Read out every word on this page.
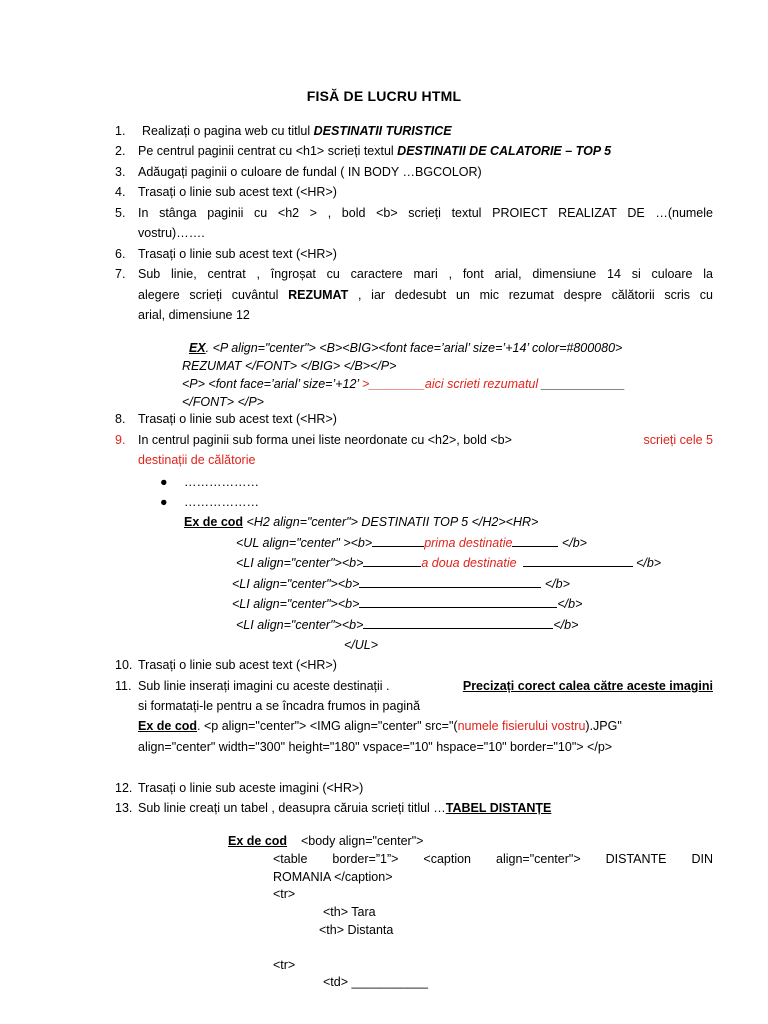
FISĂ DE LUCRU HTML
1.	Realizați o pagina web cu titlul DESTINATII TURISTICE
2.	Pe centrul paginii centrat cu <h1> scrieți textul DESTINATII DE CALATORIE – TOP 5
3.	Adăugați paginii o culoare de fundal ( IN BODY …BGCOLOR)
4.	Trasați o linie sub acest text (<HR>)
5.	In stânga paginii cu <h2 > , bold <b> scrieți textul PROIECT REALIZAT DE …(numele
vostru)…….
6.	Trasați o linie sub acest text (<HR>)
7.	Sub linie, centrat , îngroșat cu caractere mari , font arial, dimensiune 14 si culoare la
alegere scrieți cuvântul REZUMAT , iar dedesubt un mic rezumat despre călătorii scris cu
arial, dimensiune 12
EX. <P align="center"> <B><BIG><font face=’arial’ size=’+14’ color=#800080>
REZUMAT </FONT> </BIG> </B></P>
<P> <font face=’arial’ size=’+12’ >________aici scrieti rezumatul ____________
</FONT> </P>
8.	Trasați o linie sub acest text (<HR>)
9.	In centrul paginii sub forma unei liste neordonate cu <h2>, bold <b>	scrieți cele 5
destinații de călătorie
● ………………
● ………………
Ex de cod <H2 align="center"> DESTINATII TOP 5 </H2><HR>
<UL align="center" ><b>	prima destinatie	</b>
<LI align="center"><b>	a doua destinatie	</b>
<LI align="center"><b>	</b>
<LI align="center"><b>	</b>
<LI align="center"><b>	</b>
</UL>
10. Trasați o linie sub acest text (<HR>)
11. Sub linie inserați imagini cu aceste destinații .	Precizați corect calea către aceste imagini
si formatați-le pentru a se încadra frumos in pagină
Ex de cod. <p align="center"> <IMG align="center" src="(numele fisierului vostru).JPG"
align="center" width="300" height="180" vspace="10" hspace="10" border="10"> </p>
12. Trasați o linie sub aceste imagini (<HR>)
13. Sub linie creați un tabel , deasupra căruia scrieți titlul …TABEL DISTANȚE
Ex de cod <body align="center">
<table border=”1”> <caption align="center"> DISTANTE DIN
ROMANIA </caption>
<tr>
<th> Tara
<th> Distanta
<tr>
<td> ___________
